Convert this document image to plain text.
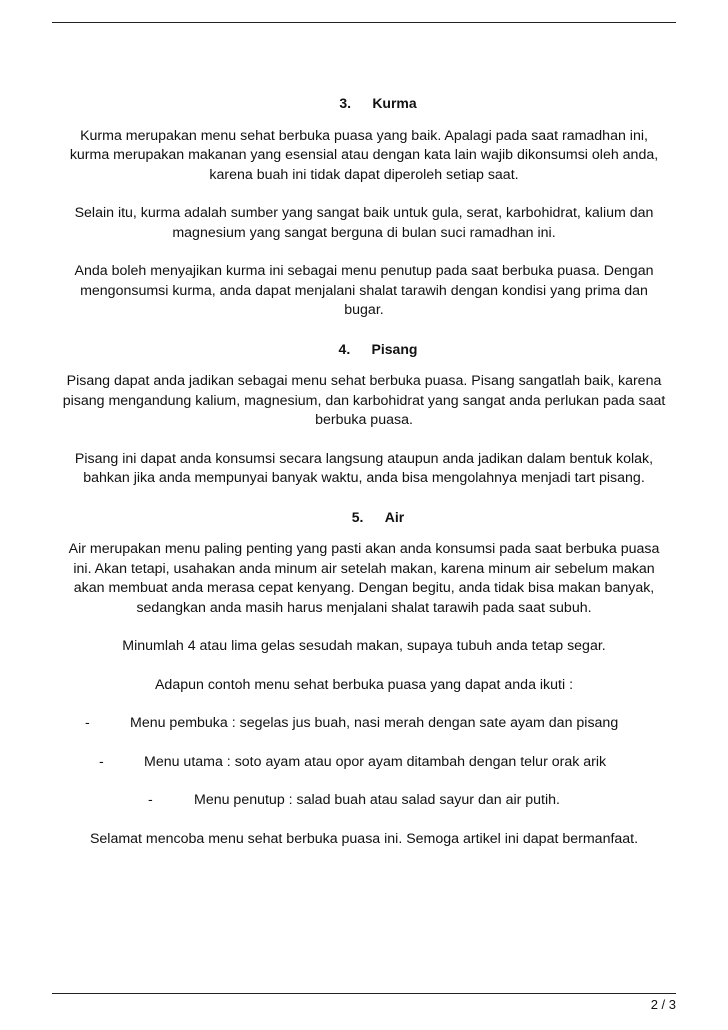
3. Kurma

Kurma merupakan menu sehat berbuka puasa yang baik. Apalagi pada saat ramadhan ini,
kurma merupakan makanan yang esensial atau dengan kata lain wajib dikonsumsi oleh anda,
karena buah ini tidak dapat diperoleh setiap saat.

Selain itu, kurma adalah sumber yang sangat baik untuk gula, serat, karbohidrat, kalium dan
magnesium yang sangat berguna di bulan suci ramadhan ini.

Anda boleh menyajikan kurma ini sebagai menu penutup pada saat berbuka puasa. Dengan
mengonsumsi kurma, anda dapat menjalani shalat tarawih dengan kondisi yang prima dan
bugar.

4. Pisang

Pisang dapat anda jadikan sebagai menu sehat berbuka puasa. Pisang sangatlah baik, karena
pisang mengandung kalium, magnesium, dan karbohidrat yang sangat anda perlukan pada saat
berbuka puasa.

Pisang ini dapat anda konsumsi secara langsung ataupun anda jadikan dalam bentuk kolak,
bahkan jika anda mempunyai banyak waktu, anda bisa mengolahnya menjadi tart pisang.

5. Air

Air merupakan menu paling penting yang pasti akan anda konsumsi pada saat berbuka puasa
ini. Akan tetapi, usahakan anda minum air setelah makan, karena minum air sebelum makan
akan membuat anda merasa cepat kenyang. Dengan begitu, anda tidak bisa makan banyak,
sedangkan anda masih harus menjalani shalat tarawih pada saat subuh.

Minumlah 4 atau lima gelas sesudah makan, supaya tubuh anda tetap segar.

Adapun contoh menu sehat berbuka puasa yang dapat anda ikuti :

-	Menu pembuka : segelas jus buah, nasi merah dengan sate ayam dan pisang
-	Menu utama : soto ayam atau opor ayam ditambah dengan telur orak arik
-	Menu penutup : salad buah atau salad sayur dan air putih.

Selamat mencoba menu sehat berbuka puasa ini. Semoga artikel ini dapat bermanfaat.

2 / 3
